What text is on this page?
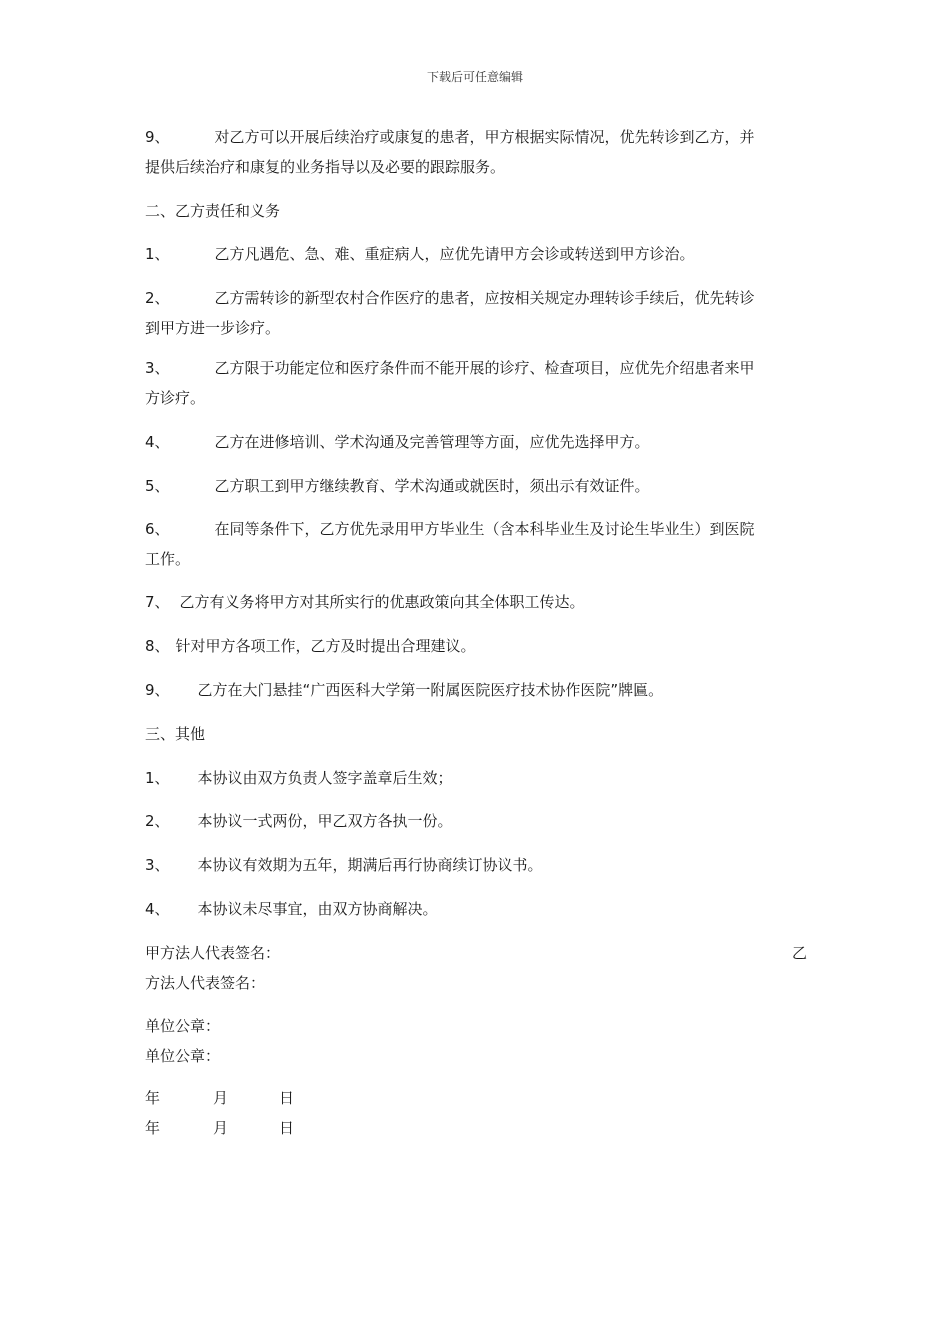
下载后可任意编辑
9、	对乙方可以开展后续治疗或康复的患者，甲方根据实际情况，优先转诊到乙方，并
提供后续治疗和康复的业务指导以及必要的跟踪服务。
二、乙方责任和义务
1、	乙方凡遇危、急、难、重症病人，应优先请甲方会诊或转送到甲方诊治。
2、	乙方需转诊的新型农村合作医疗的患者，应按相关规定办理转诊手续后，优先转诊
到甲方进一步诊疗。
3、	乙方限于功能定位和医疗条件而不能开展的诊疗、检查项目，应优先介绍患者来甲
方诊疗。
4、	乙方在进修培训、学术沟通及完善管理等方面，应优先选择甲方。
5、	乙方职工到甲方继续教育、学术沟通或就医时，须出示有效证件。
6、	在同等条件下，乙方优先录用甲方毕业生（含本科毕业生及讨论生毕业生）到医院
工作。
7、 乙方有义务将甲方对其所实行的优惠政策向其全体职工传达。
8、 针对甲方各项工作，乙方及时提出合理建议。
9、 乙方在大门悬挂“广西医科大学第一附属医院医疗技术协作医院”牌匾。
三、其他
1、 本协议由双方负责人签字盖章后生效；
2、 本协议一式两份，甲乙双方各执一份。
3、 本协议有效期为五年，期满后再行协商续订协议书。
4、 本协议未尽事宜，由双方协商解决。
甲方法人代表签名：	乙
方法人代表签名：
单位公章：
单位公章：
年	月	日
年	月	日
